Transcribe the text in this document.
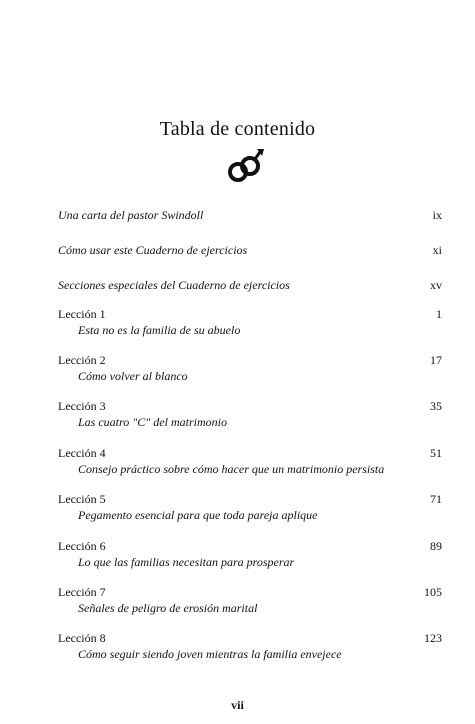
Tabla de contenido
Una carta del pastor Swindoll	ix
Cómo usar este Cuaderno de ejercicios	xi
Secciones especiales del Cuaderno de ejercicios	xv
Lección 1	1
Esta no es la familia de su abuelo
Lección 2	17
Cómo volver al blanco
Lección 3	35
Las cuatro "C" del matrimonio
Lección 4	51
Consejo práctico sobre cómo hacer que un matrimonio persista
Lección 5	71
Pegamento esencial para que toda pareja aplique
Lección 6	89
Lo que las familias necesitan para prosperar
Lección 7	105
Señales de peligro de erosión marital
Lección 8	123
Cómo seguir siendo joven mientras la familia envejece
vii
